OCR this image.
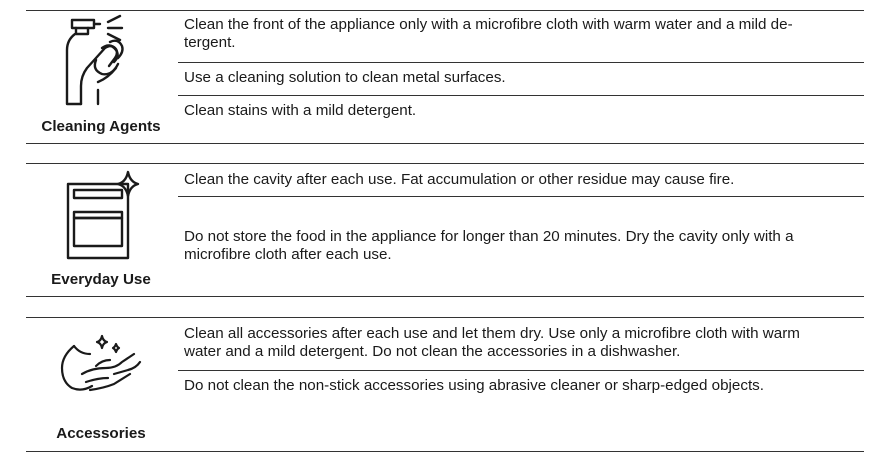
Cleaning Agents
Clean the front of the appliance only with a microfibre cloth with warm water and a mild de-
tergent.
Use a cleaning solution to clean metal surfaces.
Clean stains with a mild detergent.
Everyday Use
Clean the cavity after each use. Fat accumulation or other residue may cause fire.
Do not store the food in the appliance for longer than 20 minutes. Dry the cavity only with a
microfibre cloth after each use.
Accessories
Clean all accessories after each use and let them dry. Use only a microfibre cloth with warm
water and a mild detergent. Do not clean the accessories in a dishwasher.
Do not clean the non-stick accessories using abrasive cleaner or sharp-edged objects.
